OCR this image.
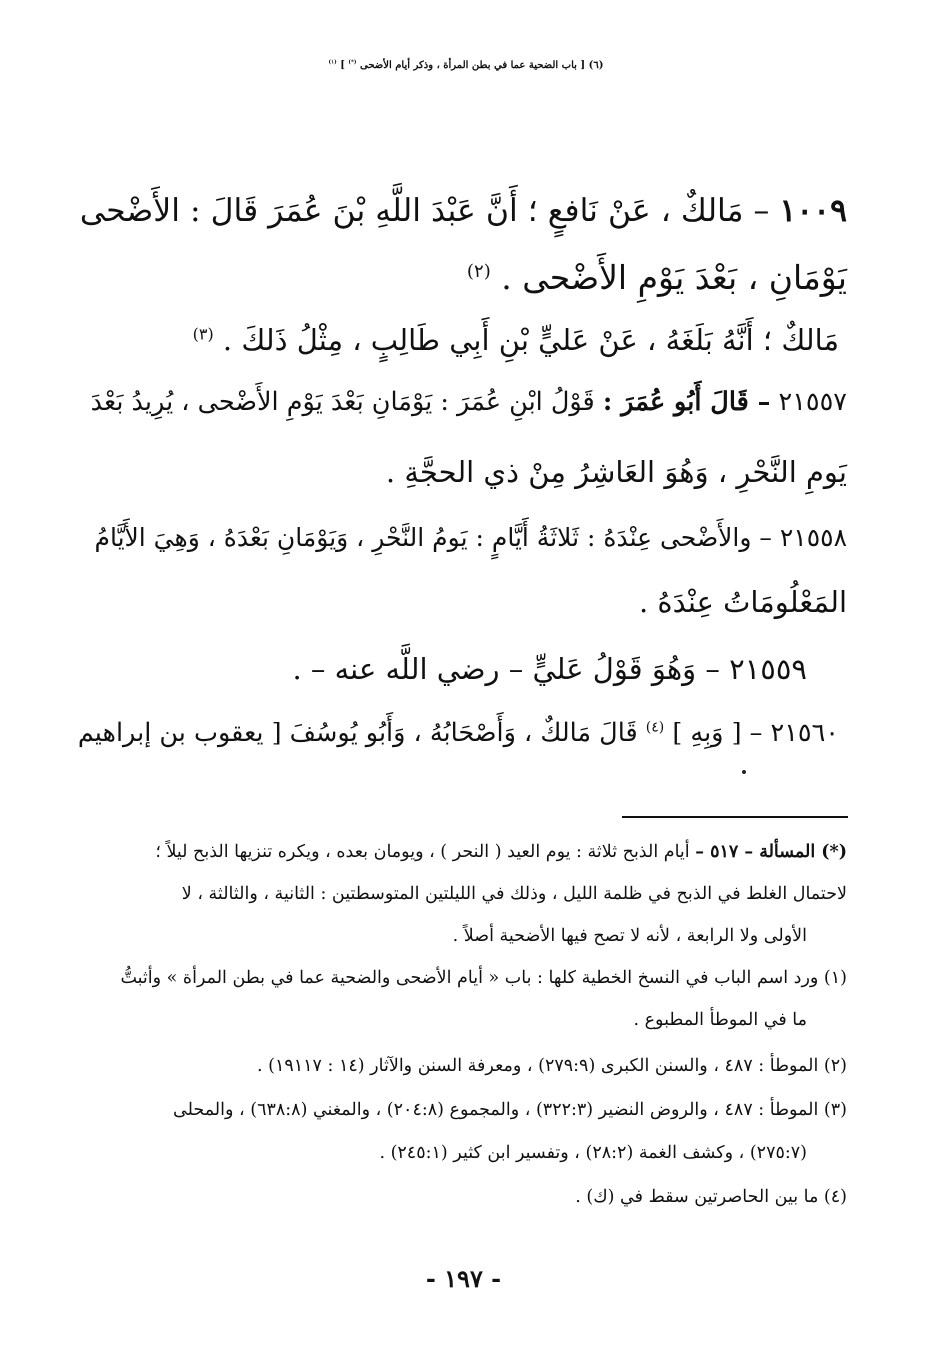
(٦) [ باب الضحية عما في بطن المرأة ، وذكر أيام الأضحى (*) ] $^{(١)}$
١٠٠٩ – مَالكٌ ، عَنْ نَافعٍ ؛ أَنَّ عَبْدَ اللَّهِ بْنَ عُمَرَ قَالَ : الأَضْحى
يَوْمَانِ ، بَعْدَ يَوْمِ الأَضْحى . $^{(٢)}$
مَالكٌ ؛ أَنَّهُ بَلَغَهُ ، عَنْ عَليٍّ بْنِ أَبِي طَالِبٍ ، مِثْلُ ذَلكَ . $^{(٣)}$
٢١٥٥٧ – قَالَ أَبُو عُمَرَ : قَوْلُ ابْنِ عُمَرَ : يَوْمَانِ بَعْدَ يَوْمِ الأَضْحى ، يُرِيدُ بَعْدَ
يَومِ النَّحْرِ ، وَهُوَ العَاشِرُ مِنْ ذي الحجَّةِ .
٢١٥٥٨ – والأَضْحى عِنْدَهُ : ثَلاثَةُ أَيَّامٍ : يَومُ النَّحْرِ ، وَيَوْمَانِ بَعْدَهُ ، وَهِيَ الأَيَّامُ
المَعْلُومَاتُ عِنْدَهُ .
٢١٥٥٩ – وَهُوَ قَوْلُ عَليٍّ – رضي اللَّه عنه – .
٢١٥٦٠ – [ وَبِهِ ] $^{(٤)}$ قَالَ مَالكٌ ، وَأَصْحَابُهُ ، وَأَبُو يُوسُفَ [ يعقوب بن إبراهيم
(*) المسألة – ٥١٧ – أيام الذبح ثلاثة : يوم العيد ( النحر ) ، ويومان بعده ، ويكره تنزيها الذبح ليلاً ؛
لاحتمال الغلط في الذبح في ظلمة الليل ، وذلك في الليلتين المتوسطتين : الثانية ، والثالثة ، لا
الأولى ولا الرابعة ، لأنه لا تصح فيها الأضحية أصلاً .
(١) ورد اسم الباب في النسخ الخطية كلها : باب « أيام الأضحى والضحية عما في بطن المرأة » وأثبتُّ
ما في الموطأ المطبوع .
(٢) الموطأ : ٤٨٧ ، والسنن الكبرى (٢٧٩:٩) ، ومعرفة السنن والآثار (١٤ : ١٩١١٧) .
(٣) الموطأ : ٤٨٧ ، والروض النضير (٣٢٢:٣) ، والمجموع (٢٠٤:٨) ، والمغني (٦٣٨:٨) ، والمحلى
(٢٧٥:٧) ، وكشف الغمة (٢٨:٢) ، وتفسير ابن كثير (٢٤٥:١) .
(٤) ما بين الحاصرتين سقط في (ك) .
- ١٩٧ -
